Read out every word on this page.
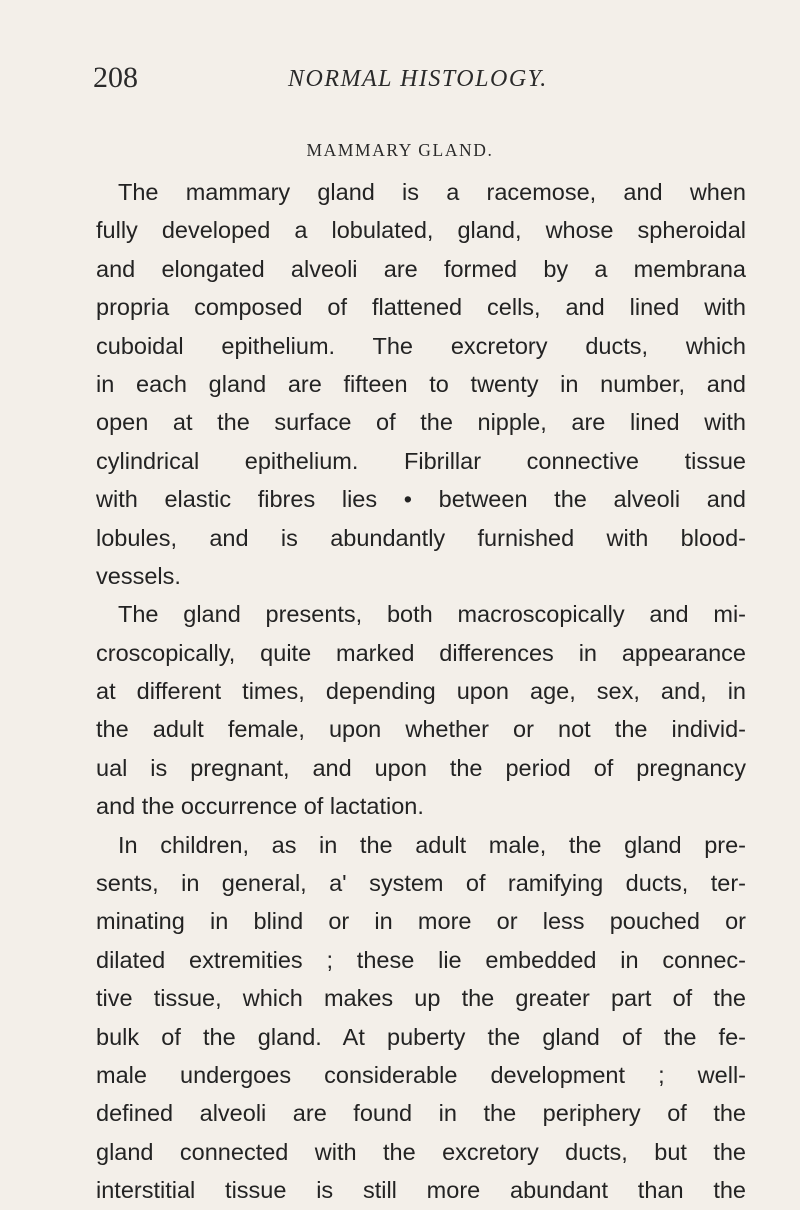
208	NORMAL HISTOLOGY.
MAMMARY GLAND.
The mammary gland is a racemose, and when
fully developed a lobulated, gland, whose spheroidal
and elongated alveoli are formed by a membrana
propria composed of flattened cells, and lined with
cuboidal epithelium. The excretory ducts, which
in each gland are fifteen to twenty in number, and
open at the surface of the nipple, are lined with
cylindrical epithelium. Fibrillar connective tissue
with elastic fibres lies • between the alveoli and
lobules, and is abundantly furnished with blood-
vessels.
The gland presents, both macroscopically and mi-
croscopically, quite marked differences in appearance
at different times, depending upon age, sex, and, in
the adult female, upon whether or not the individ-
ual is pregnant, and upon the period of pregnancy
and the occurrence of lactation.
In children, as in the adult male, the gland pre-
sents, in general, a' system of ramifying ducts, ter-
minating in blind or in more or less pouched or
dilated extremities ; these lie embedded in connec-
tive tissue, which makes up the greater part of the
bulk of the gland. At puberty the gland of the fe-
male undergoes considerable development ; well-
defined alveoli are found in the periphery of the
gland connected with the excretory ducts, but the
interstitial tissue is still more abundant than the
